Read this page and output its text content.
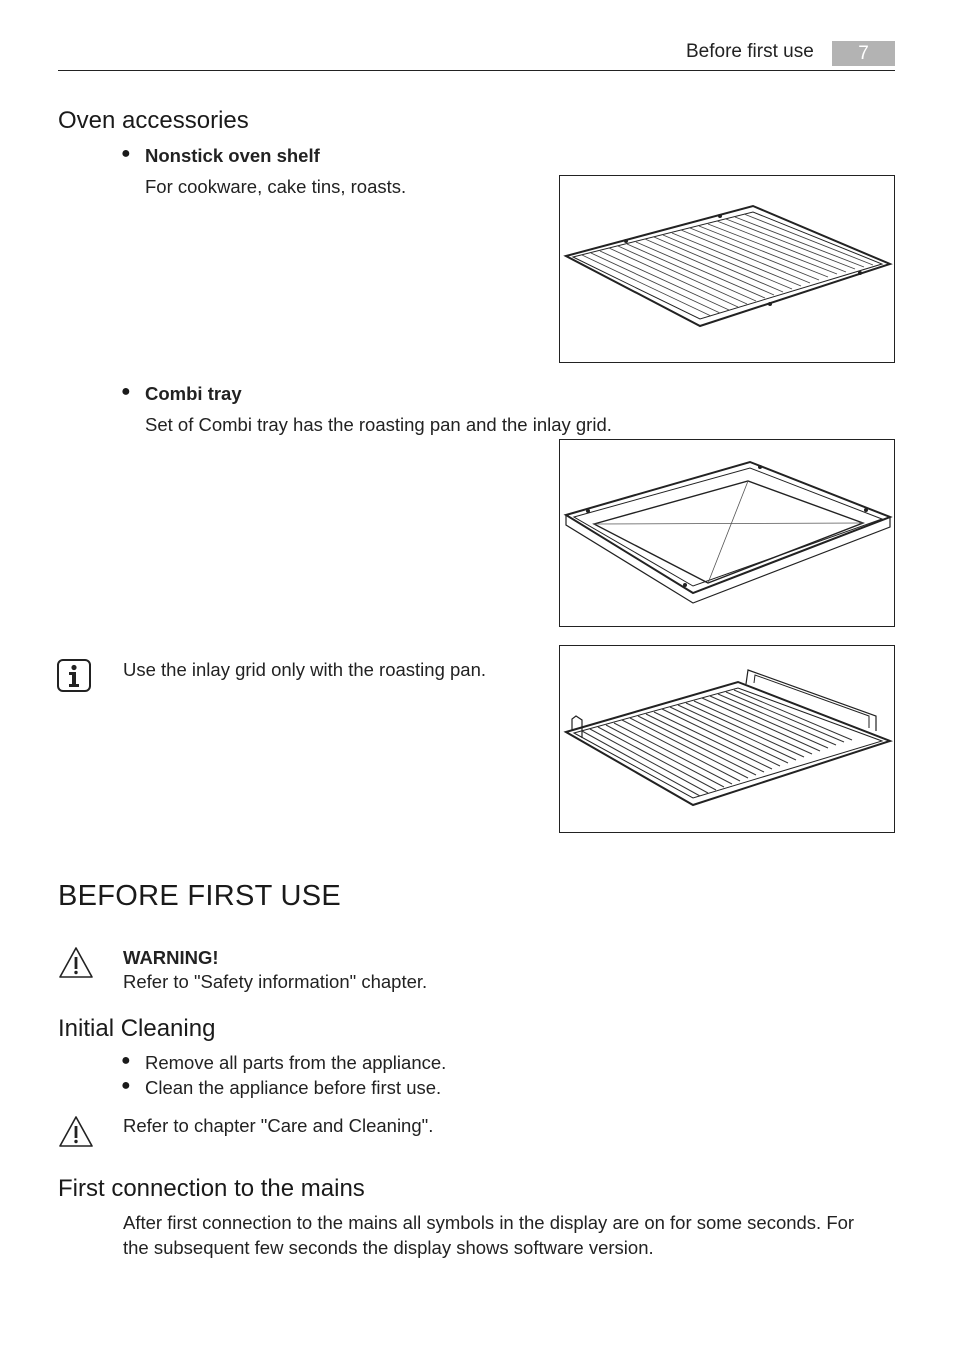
Before first use	7
Oven accessories
● Nonstick oven shelf
For cookware, cake tins, roasts.
● Combi tray
Set of Combi tray has the roasting pan and the inlay grid.
Use the inlay grid only with the roasting pan.
BEFORE FIRST USE
WARNING!
Refer to "Safety information" chapter.
Initial Cleaning
● Remove all parts from the appliance.
● Clean the appliance before first use.
Refer to chapter "Care and Cleaning".
First connection to the mains
After first connection to the mains all symbols in the display are on for some seconds. For
the subsequent few seconds the display shows software version.
